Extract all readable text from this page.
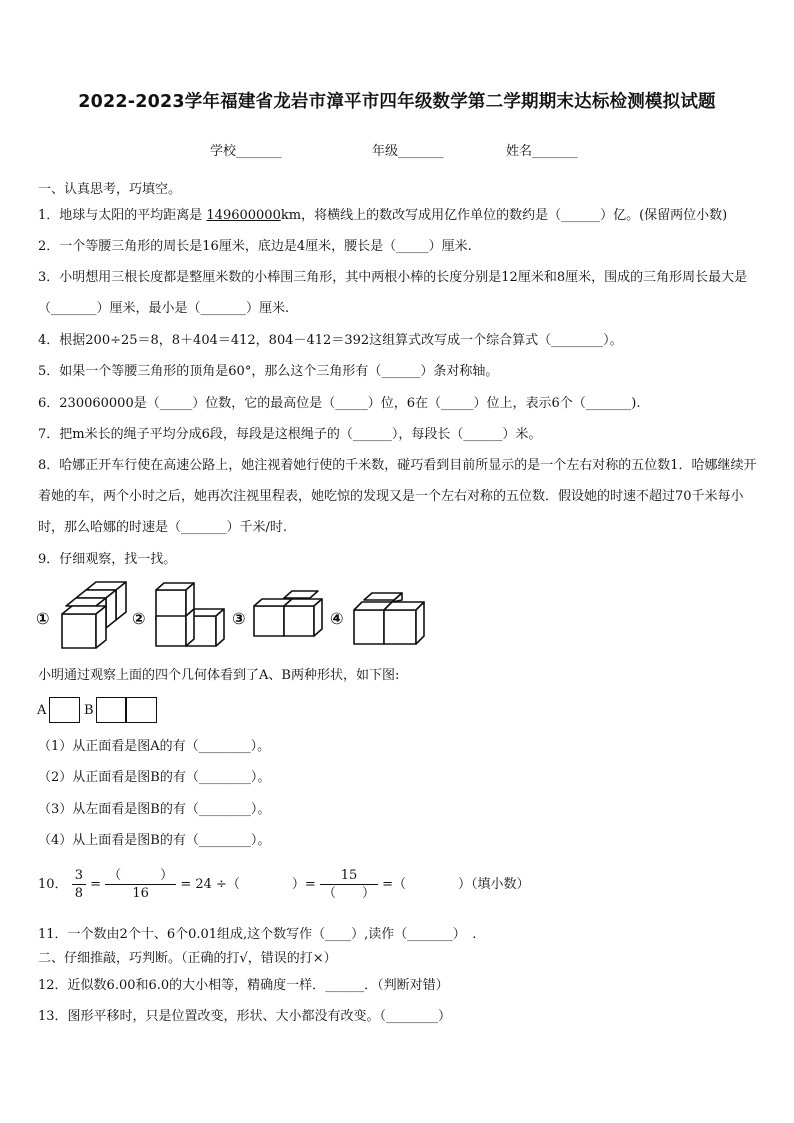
2022-2023学年福建省龙岩市漳平市四年级数学第二学期期末达标检测模拟试题
学校_______	年级_______	姓名_______
一、认真思考，巧填空。
1．地球与太阳的平均距离是 149600000km，将横线上的数改写成用亿作单位的数约是（______）亿。(保留两位小数)
2．一个等腰三角形的周长是16厘米，底边是4厘米，腰长是（_____）厘米.
3．小明想用三根长度都是整厘米数的小棒围三角形，其中两根小棒的长度分别是12厘米和8厘米，围成的三角形周长最大是（_______）厘米，最小是（_______）厘米.
4．根据200÷25＝8，8＋404＝412，804－412＝392这组算式改写成一个综合算式（________）。
5．如果一个等腰三角形的顶角是60°，那么这个三角形有（______）条对称轴。
6．230060000是（_____）位数，它的最高位是（_____）位，6在（_____）位上，表示6个（_______).
7．把m米长的绳子平均分成6段，每段是这根绳子的（______），每段长（______）米。
8．哈娜正开车行使在高速公路上，她注视着她行使的千米数，碰巧看到目前所显示的是一个左右对称的五位数1．哈娜继续开着她的车，两个小时之后，她再次注视里程表，她吃惊的发现又是一个左右对称的五位数．假设她的时速不超过70千米每小时，那么哈娜的时速是（_______）千米/时.
9．仔细观察，找一找。
①	②	③	④
小明通过观察上面的四个几何体看到了A、B两种形状，如下图:
A	B
（1）从正面看是图A的有（________）。
（2）从正面看是图B的有（________）。
（3）从左面看是图B的有（________）。
（4）从上面看是图B的有（________）。
10． $\frac{3}{8} = \frac{( )}{16} = 24$ ÷（　　　　）= $\frac{15}{( )}$ =（　　　　）（填小数）
11．一个数由2个十、6个0.01组成,这个数写作（____）,读作（_______）　.
二、仔细推敲，巧判断。（正确的打√，错误的打×）
12．近似数6.00和6.0的大小相等，精确度一样．______．（判断对错）
13．图形平移时，只是位置改变，形状、大小都没有改变。（________）
